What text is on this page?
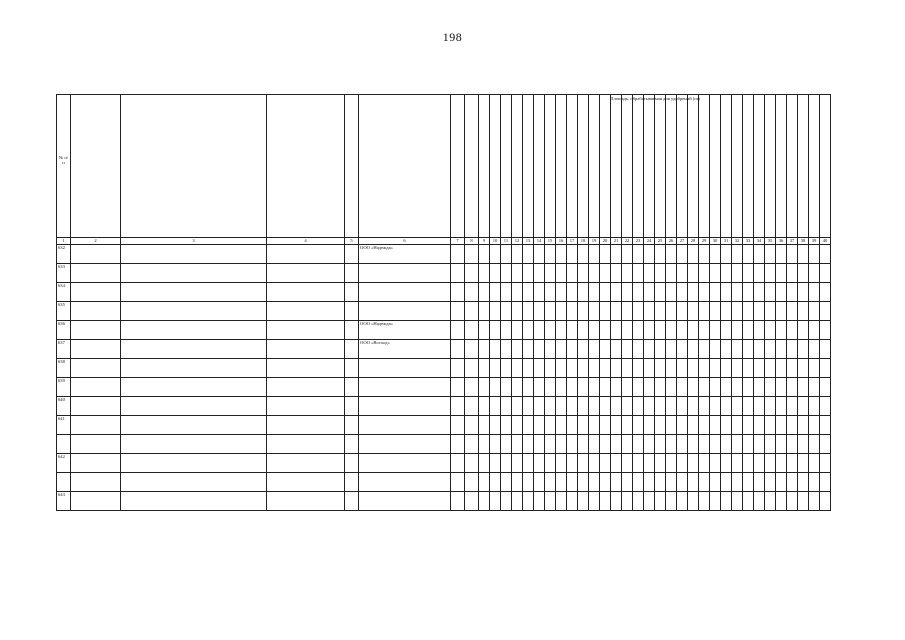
198
№ п/п								Площадь, обрабатываемая для удобрений (га)																															

1	2	3	4	5	6	7	8	9	10	11	12	13	14	15	16	17	18	19	20	21	22	23	24	25	26	27	28	29	30	31	32	33	34	35	36	37	38	39	40
632					ООО «Надежда»																																		
633																																							
634																																							
635																																							
636					ООО «Надежда»																																		
637					ООО «Восход»																																		
638																																							
639																																							
640																																							
641																																							

642																																							

643																																							
